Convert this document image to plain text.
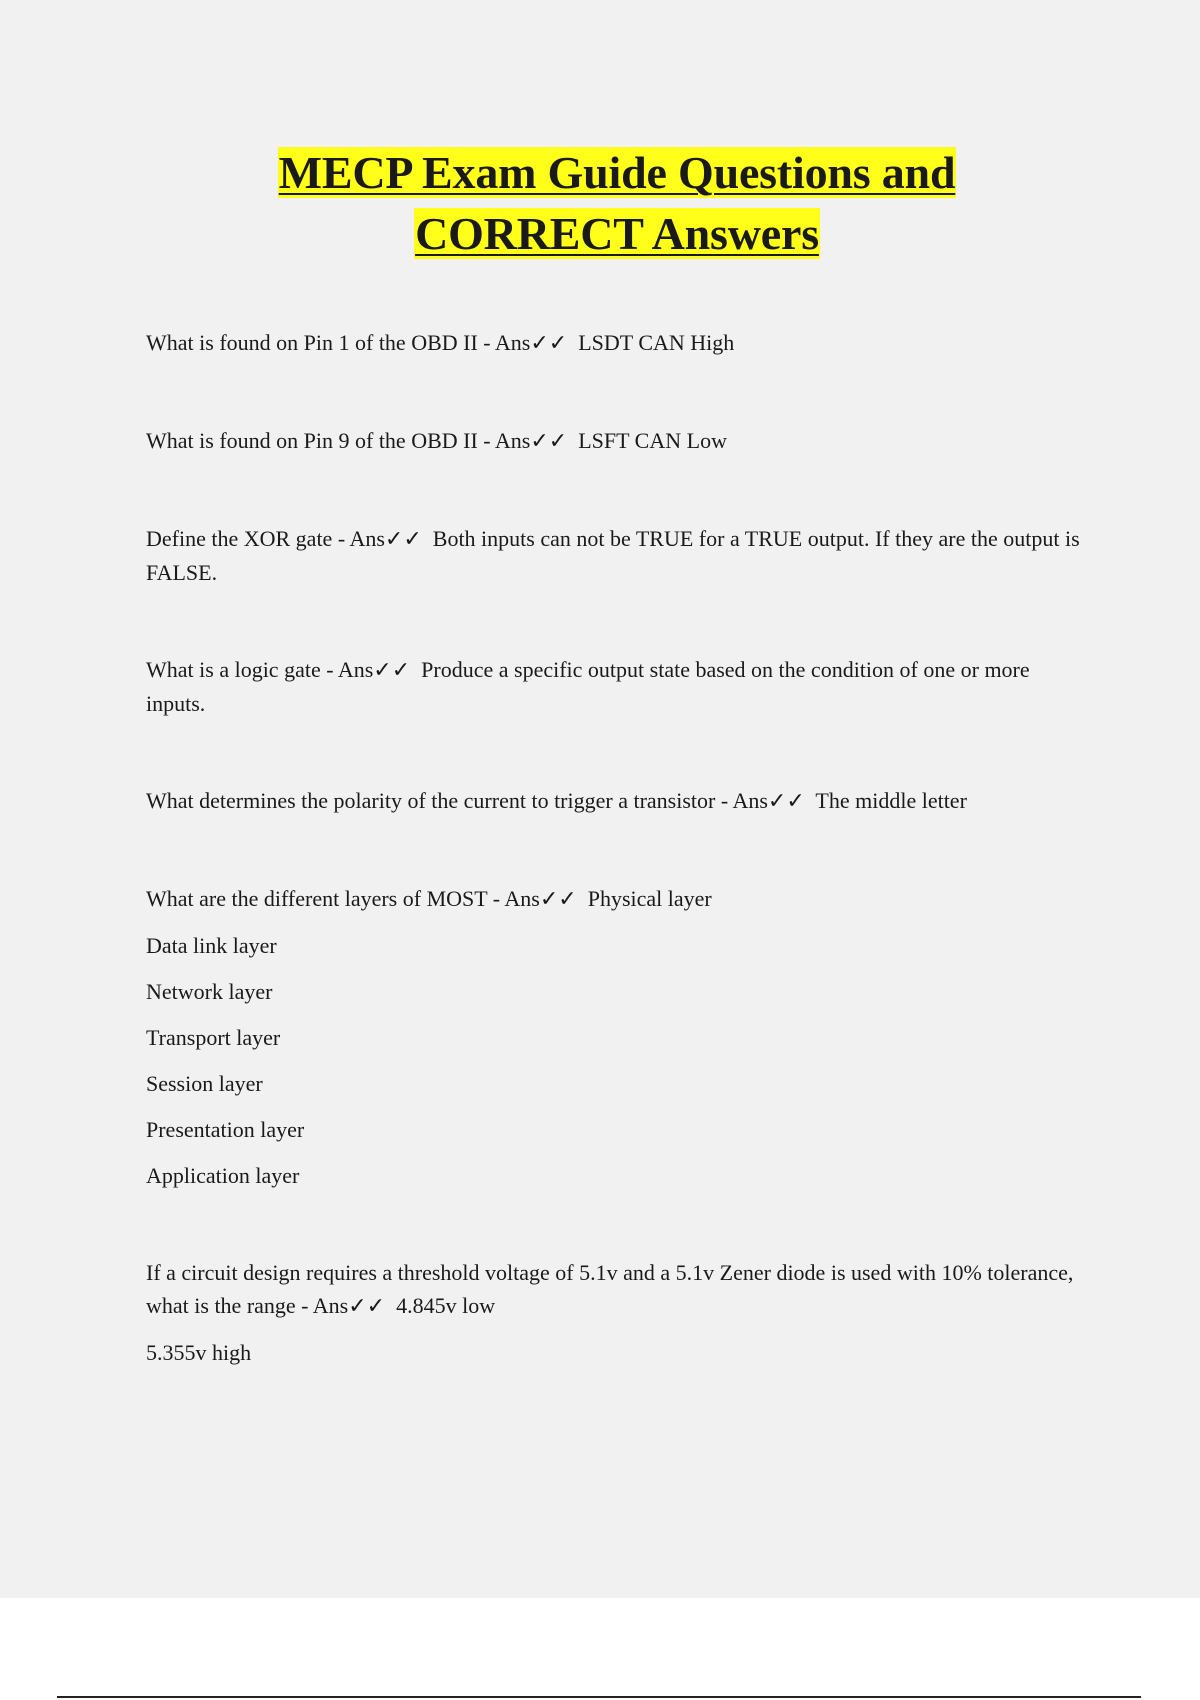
MECP Exam Guide Questions and
CORRECT Answers

What is found on Pin 1 of the OBD II - Ans✓✓  LSDT CAN High

What is found on Pin 9 of the OBD II - Ans✓✓  LSFT CAN Low

Define the XOR gate - Ans✓✓  Both inputs can not be TRUE for a TRUE output. If they are the output is FALSE.

What is a logic gate - Ans✓✓  Produce a specific output state based on the condition of one or more inputs.

What determines the polarity of the current to trigger a transistor - Ans✓✓  The middle letter

What are the different layers of MOST - Ans✓✓  Physical layer

Data link layer

Network layer

Transport layer

Session layer

Presentation layer

Application layer

If a circuit design requires a threshold voltage of 5.1v and a 5.1v Zener diode is used with 10% tolerance, what is the range - Ans✓✓  4.845v low

5.355v high
